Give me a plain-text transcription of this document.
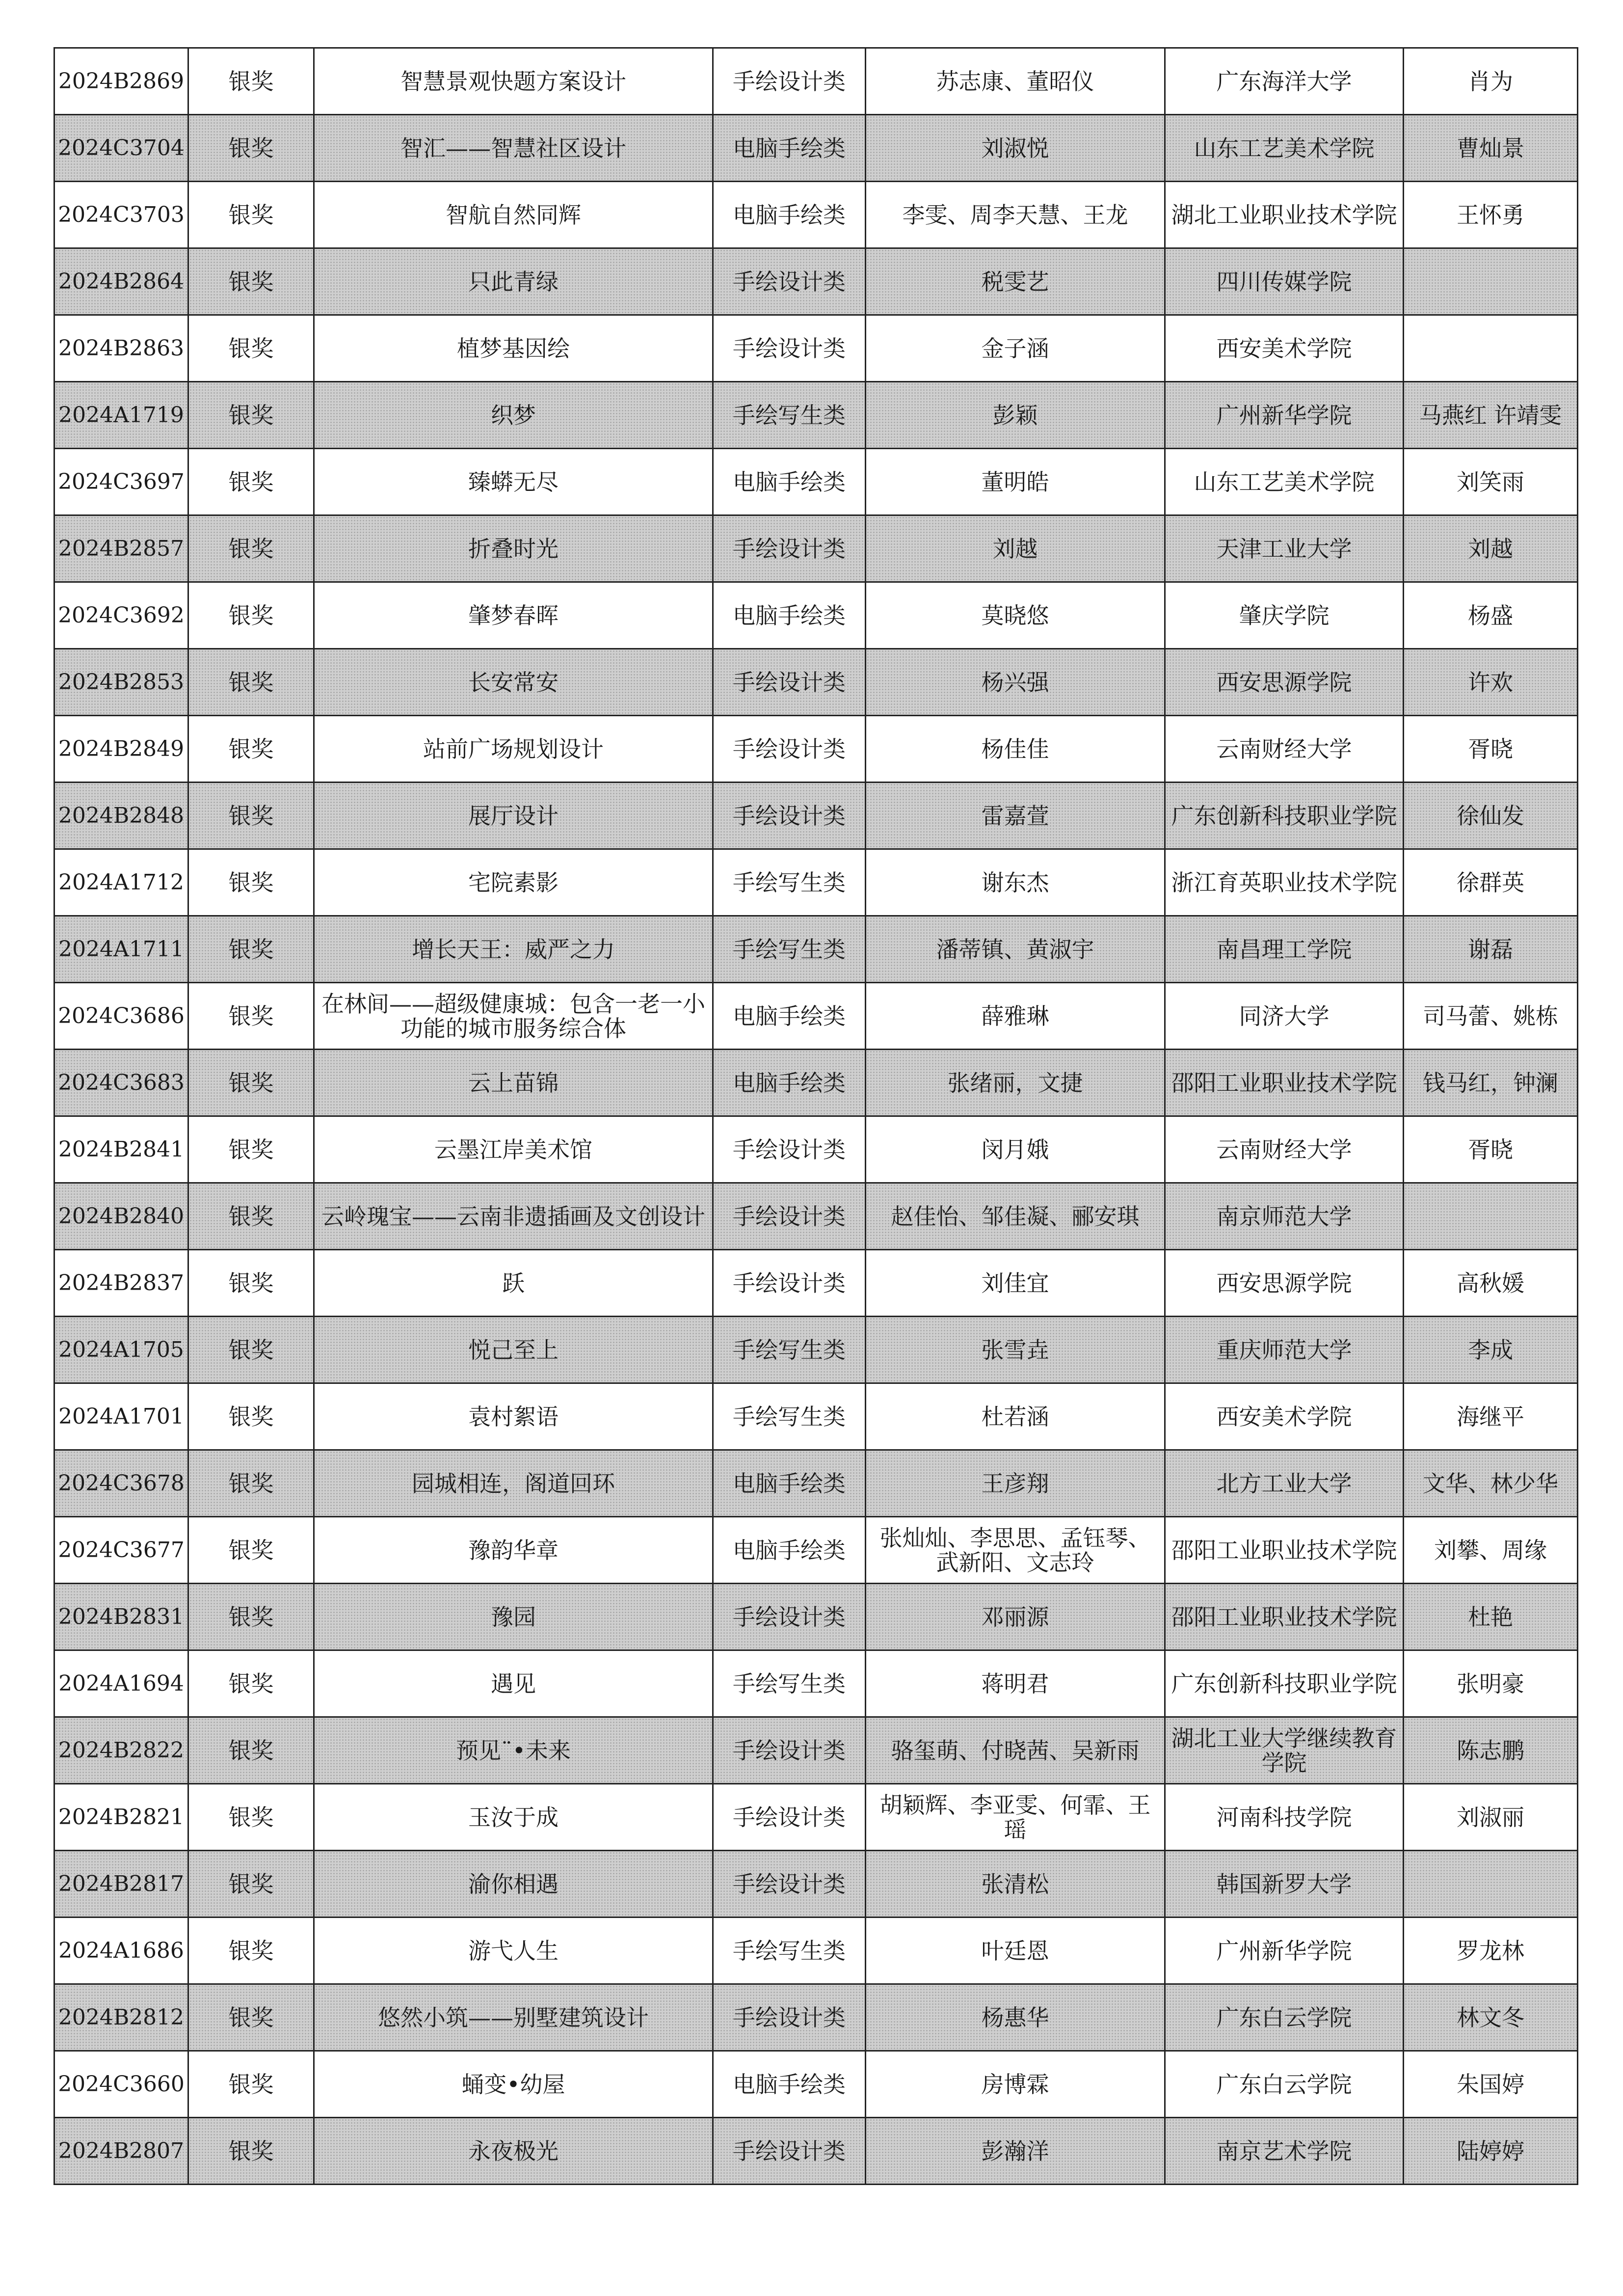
2024B2869	银奖	智慧景观快题方案设计	手绘设计类	苏志康、董昭仪	广东海洋大学	肖为
2024C3704	银奖	智汇——智慧社区设计	电脑手绘类	刘淑悦	山东工艺美术学院	曹灿景
2024C3703	银奖	智航自然同辉	电脑手绘类	李雯、周李天慧、王龙	湖北工业职业技术学院	王怀勇
2024B2864	银奖	只此青绿	手绘设计类	税雯艺	四川传媒学院	
2024B2863	银奖	植梦基因绘	手绘设计类	金子涵	西安美术学院	
2024A1719	银奖	织梦	手绘写生类	彭颖	广州新华学院	马燕红 许靖雯
2024C3697	银奖	臻蟒无尽	电脑手绘类	董明皓	山东工艺美术学院	刘笑雨
2024B2857	银奖	折叠时光	手绘设计类	刘越	天津工业大学	刘越
2024C3692	银奖	肇梦春晖	电脑手绘类	莫晓悠	肇庆学院	杨盛
2024B2853	银奖	长安常安	手绘设计类	杨兴强	西安思源学院	许欢
2024B2849	银奖	站前广场规划设计	手绘设计类	杨佳佳	云南财经大学	胥晓
2024B2848	银奖	展厅设计	手绘设计类	雷嘉萱	广东创新科技职业学院	徐仙发
2024A1712	银奖	宅院素影	手绘写生类	谢东杰	浙江育英职业技术学院	徐群英
2024A1711	银奖	增长天王：威严之力	手绘写生类	潘蒂镇、黄淑宇	南昌理工学院	谢磊
2024C3686	银奖	在林间——超级健康城：包含一老一小功能的城市服务综合体	电脑手绘类	薛雅琳	同济大学	司马蕾、姚栋
2024C3683	银奖	云上苗锦	电脑手绘类	张绪丽，文捷	邵阳工业职业技术学院	钱马红，钟澜
2024B2841	银奖	云墨江岸美术馆	手绘设计类	闵月娥	云南财经大学	胥晓
2024B2840	银奖	云岭瑰宝——云南非遗插画及文创设计	手绘设计类	赵佳怡、邹佳凝、郦安琪	南京师范大学	
2024B2837	银奖	跃	手绘设计类	刘佳宜	西安思源学院	高秋媛
2024A1705	银奖	悦己至上	手绘写生类	张雪垚	重庆师范大学	李成
2024A1701	银奖	袁村絮语	手绘写生类	杜若涵	西安美术学院	海继平
2024C3678	银奖	园城相连，阁道回环	电脑手绘类	王彦翔	北方工业大学	文华、林少华
2024C3677	银奖	豫韵华章	电脑手绘类	张灿灿、李思思、孟钰琴、武新阳、文志玲	邵阳工业职业技术学院	刘攀、周缘
2024B2831	银奖	豫园	手绘设计类	邓丽源	邵阳工业职业技术学院	杜艳
2024A1694	银奖	遇见	手绘写生类	蒋明君	广东创新科技职业学院	张明豪
2024B2822	银奖	预见¨•未来	手绘设计类	骆玺萌、付晓茜、吴新雨	湖北工业大学继续教育学院	陈志鹏
2024B2821	银奖	玉汝于成	手绘设计类	胡颖辉、李亚雯、何霏、王瑶	河南科技学院	刘淑丽
2024B2817	银奖	渝你相遇	手绘设计类	张清松	韩国新罗大学	
2024A1686	银奖	游弋人生	手绘写生类	叶廷恩	广州新华学院	罗龙林
2024B2812	银奖	悠然小筑——别墅建筑设计	手绘设计类	杨惠华	广东白云学院	林文冬
2024C3660	银奖	蛹变•幼屋	电脑手绘类	房博霖	广东白云学院	朱国婷
2024B2807	银奖	永夜极光	手绘设计类	彭瀚洋	南京艺术学院	陆婷婷
